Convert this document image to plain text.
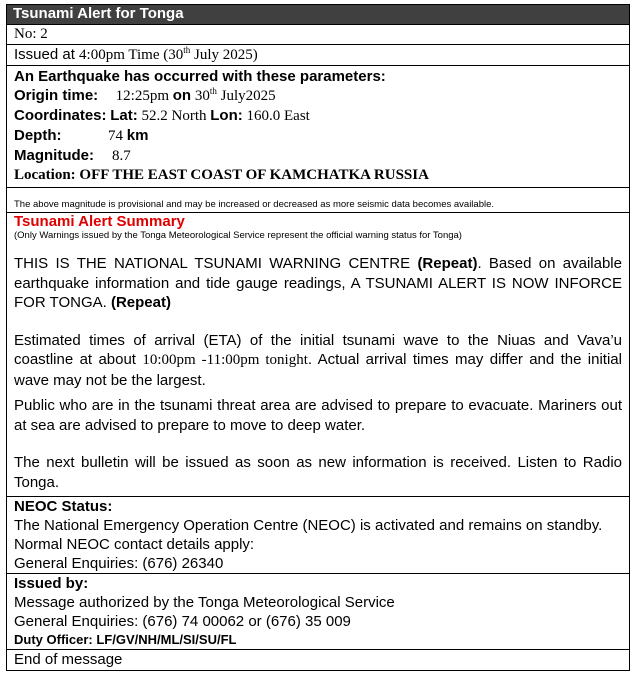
Tsunami Alert for Tonga
No: 2
Issued at 4:00pm Time (30th July 2025)
An Earthquake has occurred with these parameters:
Origin time: 12:25pm on 30th July2025
Coordinates: Lat: 52.2 North Lon: 160.0 East
Depth:	74 km
Magnitude: 8.7
Location: OFF THE EAST COAST OF KAMCHATKA RUSSIA
The above magnitude is provisional and may be increased or decreased as more seismic data becomes available.
Tsunami Alert Summary
(Only Warnings issued by the Tonga Meteorological Service represent the official warning status for Tonga)
THIS IS THE NATIONAL TSUNAMI WARNING CENTRE (Repeat). Based on available earthquake information and tide gauge readings, A TSUNAMI ALERT IS NOW INFORCE FOR TONGA. (Repeat)
Estimated times of arrival (ETA) of the initial tsunami wave to the Niuas and Vava’u coastline at about 10:00pm -11:00pm tonight. Actual arrival times may differ and the initial wave may not be the largest.
Public who are in the tsunami threat area are advised to prepare to evacuate. Mariners out at sea are advised to prepare to move to deep water.
The next bulletin will be issued as soon as new information is received. Listen to Radio Tonga.
NEOC Status:
The National Emergency Operation Centre (NEOC) is activated and remains on standby.
Normal NEOC contact details apply:
General Enquiries: (676) 26340
Issued by:
Message authorized by the Tonga Meteorological Service
General Enquiries: (676) 74 00062 or (676) 35 009
Duty Officer: LF/GV/NH/ML/SI/SU/FL
End of message
